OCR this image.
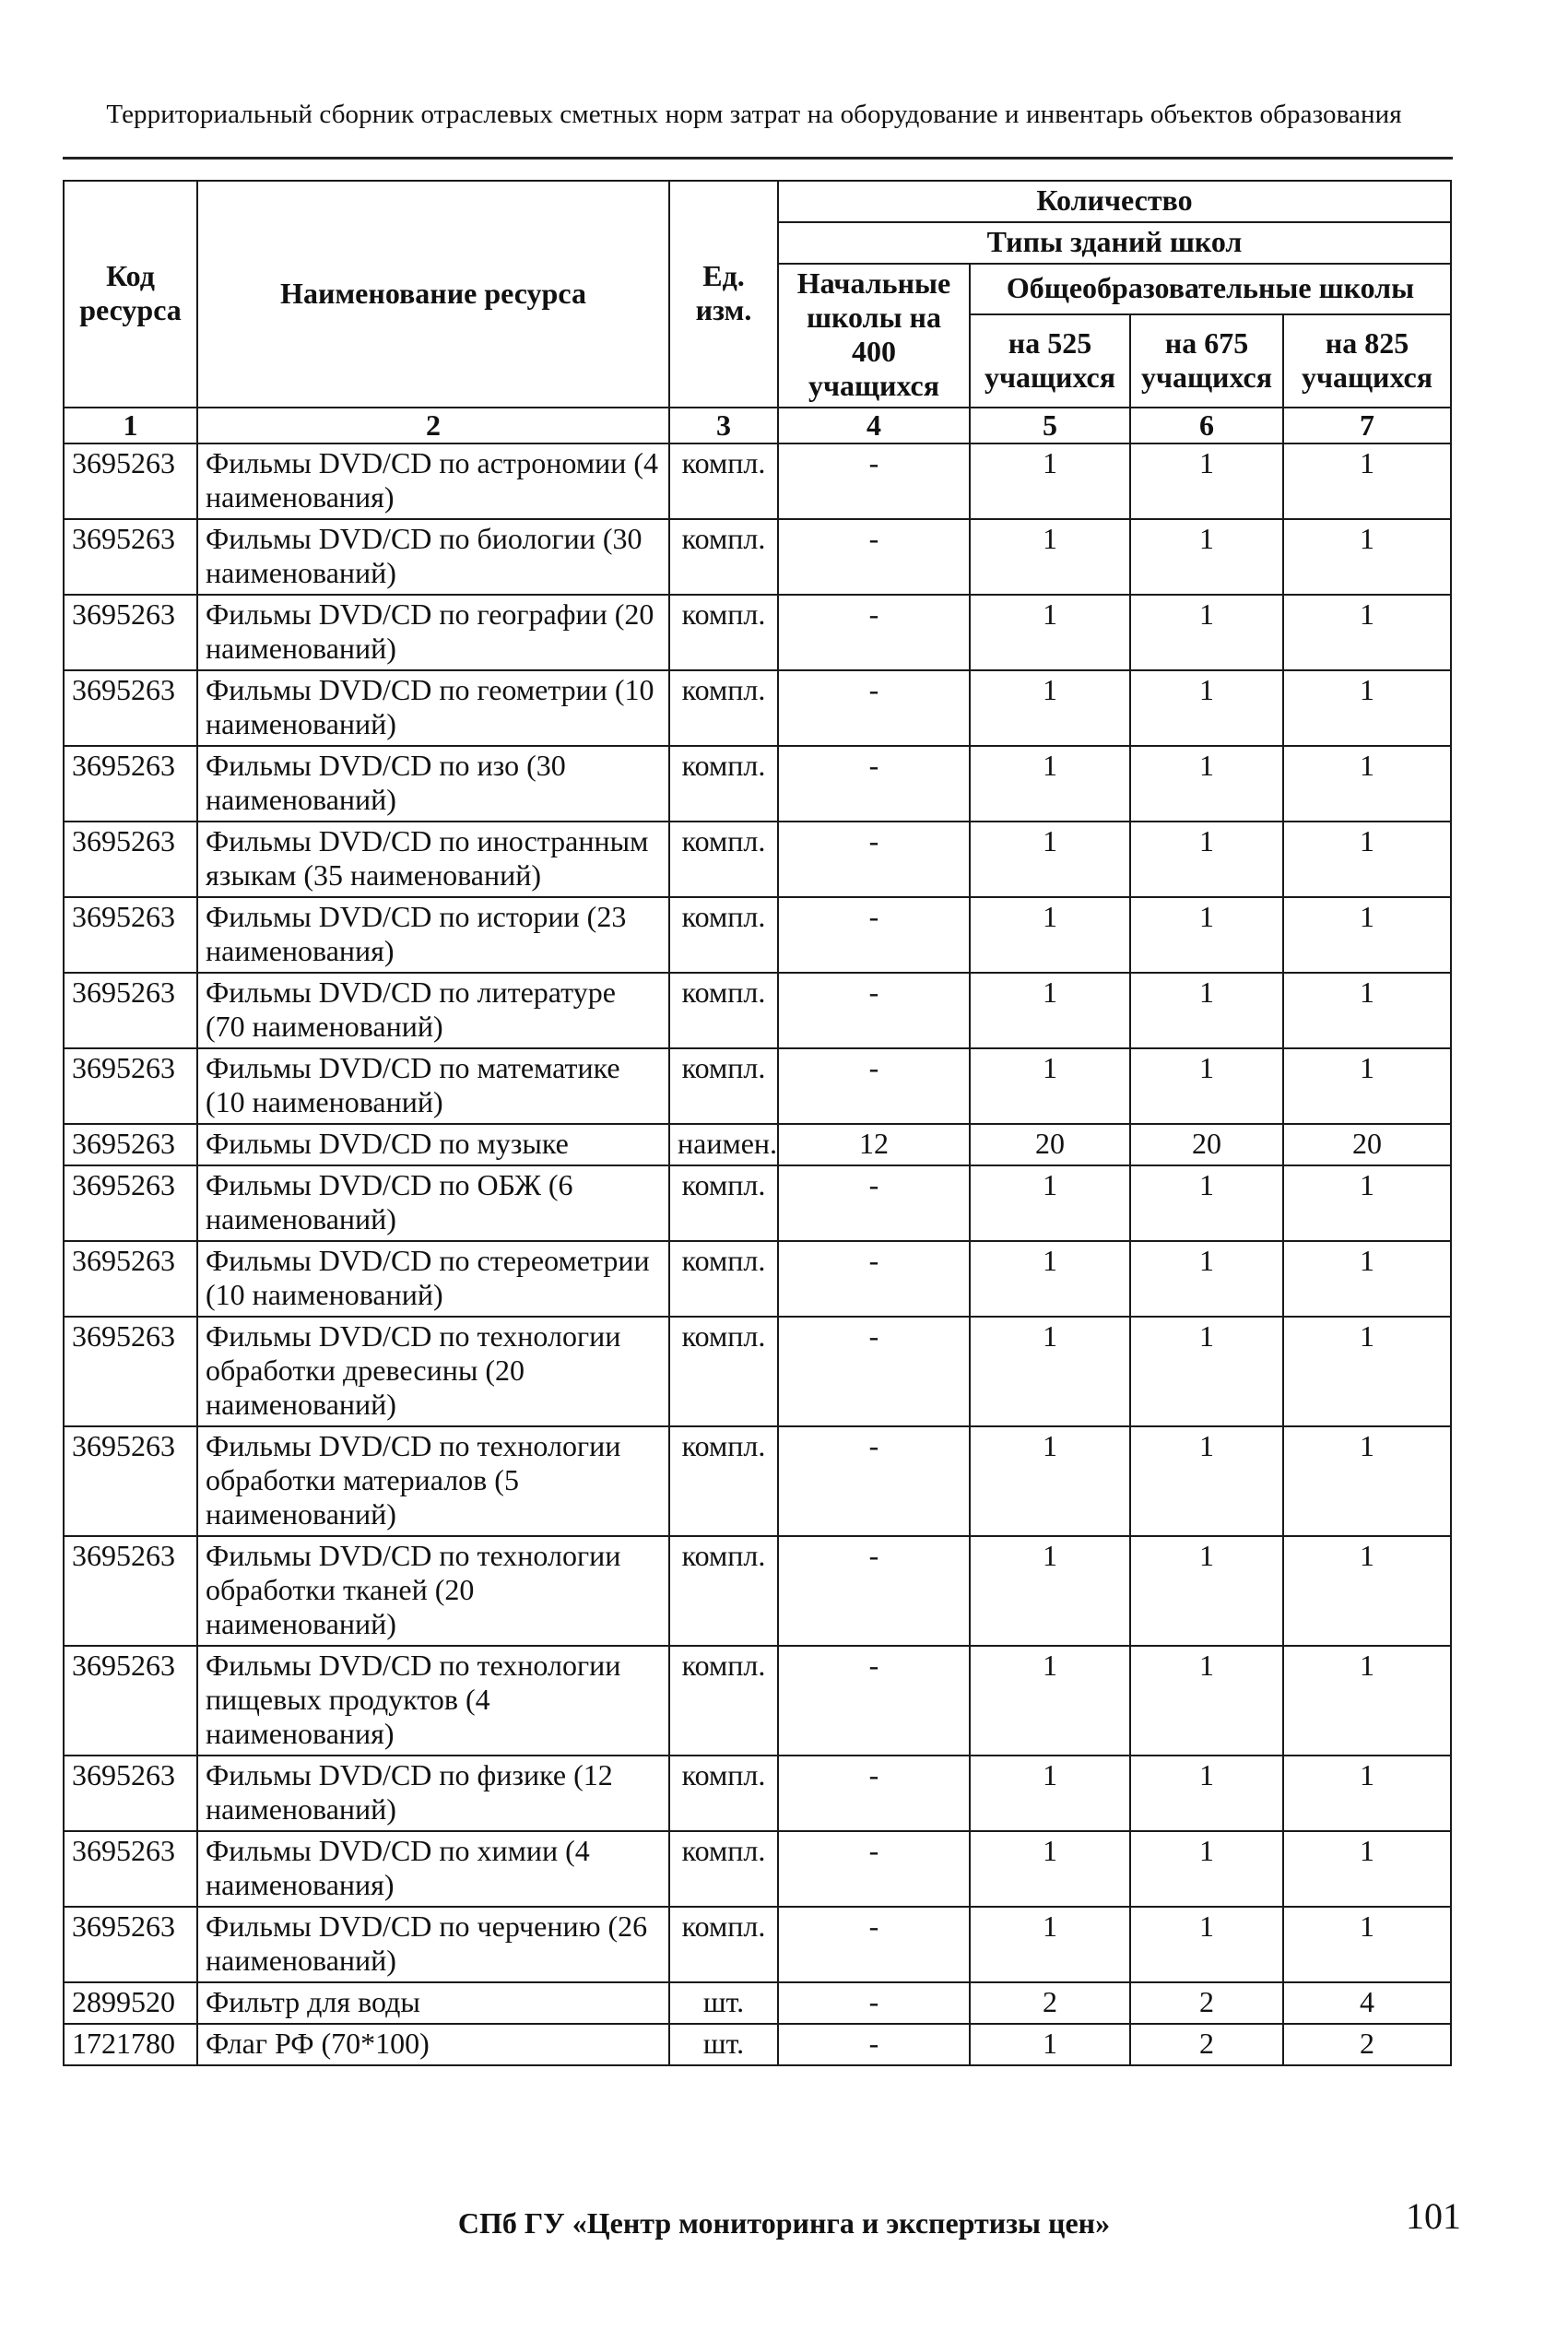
Территориальный сборник отраслевых сметных норм затрат на оборудование и инвентарь объектов образования
Код ресурса	Наименование ресурса	Ед. изм.	Количество			
			Типы зданий школ			
			Начальные школы на 400 учащихся	Общеобразовательные школы		
				на 525 учащихся	на 675 учащихся	на 825 учащихся
1	2	3	4	5	6	7
3695263	Фильмы DVD/CD по астрономии (4 наименования)	компл.	-	1	1	1
3695263	Фильмы DVD/CD по биологии (30 наименований)	компл.	-	1	1	1
3695263	Фильмы DVD/CD по географии (20 наименований)	компл.	-	1	1	1
3695263	Фильмы DVD/CD по геометрии (10 наименований)	компл.	-	1	1	1
3695263	Фильмы DVD/CD по изо (30 наименований)	компл.	-	1	1	1
3695263	Фильмы DVD/CD по иностранным языкам (35 наименований)	компл.	-	1	1	1
3695263	Фильмы DVD/CD по истории (23 наименования)	компл.	-	1	1	1
3695263	Фильмы DVD/CD по литературе (70 наименований)	компл.	-	1	1	1
3695263	Фильмы DVD/CD по математике (10 наименований)	компл.	-	1	1	1
3695263	Фильмы DVD/CD по музыке	наимен.	12	20	20	20
3695263	Фильмы DVD/CD по ОБЖ (6 наименований)	компл.	-	1	1	1
3695263	Фильмы DVD/CD по стереометрии (10 наименований)	компл.	-	1	1	1
3695263	Фильмы DVD/CD по технологии обработки древесины (20 наименований)	компл.	-	1	1	1
3695263	Фильмы DVD/CD по технологии обработки материалов (5 наименований)	компл.	-	1	1	1
3695263	Фильмы DVD/CD по технологии обработки тканей (20 наименований)	компл.	-	1	1	1
3695263	Фильмы DVD/CD по технологии пищевых продуктов (4 наименования)	компл.	-	1	1	1
3695263	Фильмы DVD/CD по физике (12 наименований)	компл.	-	1	1	1
3695263	Фильмы DVD/CD по химии (4 наименования)	компл.	-	1	1	1
3695263	Фильмы DVD/CD по черчению (26 наименований)	компл.	-	1	1	1
2899520	Фильтр для воды	шт.	-	2	2	4
1721780	Флаг РФ (70*100)	шт.	-	1	2	2
СПб ГУ «Центр мониторинга и экспертизы цен»	101
